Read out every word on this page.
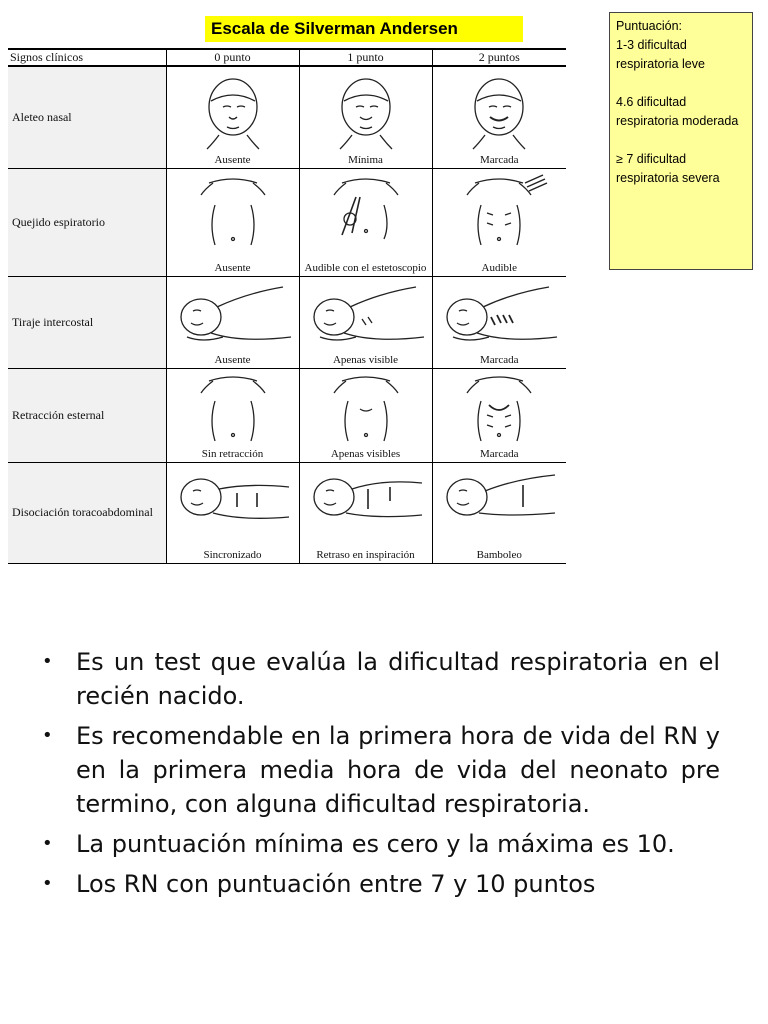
Escala de Silverman Andersen
Signos clínicos	0 punto	1 punto	2 puntos
Aleteo nasal	Ausente	Mínima	Marcada

Quejido espiratorio	Ausente	Audible con el estetoscopio	Audible

Tiraje intercostal	Ausente	Apenas visible	Marcada

Retracción esternal	Sin retracción	Apenas visibles	Marcada

Disociación toracoabdominal	Sincronizado	Retraso en inspiración	Bamboleo

Puntuación:

1-3 dificultad respiratoria leve

4.6 dificultad respiratoria moderada

≥ 7 dificultad respiratoria severa

• Es un test que evalúa la dificultad respiratoria en el recién nacido.
• Es recomendable en la primera hora de vida del RN y en la primera media hora de vida del neonato pre termino, con alguna dificultad respiratoria.
• La puntuación mínima es cero y la máxima es 10.
• Los RN con puntuación entre 7 y 10 puntos
